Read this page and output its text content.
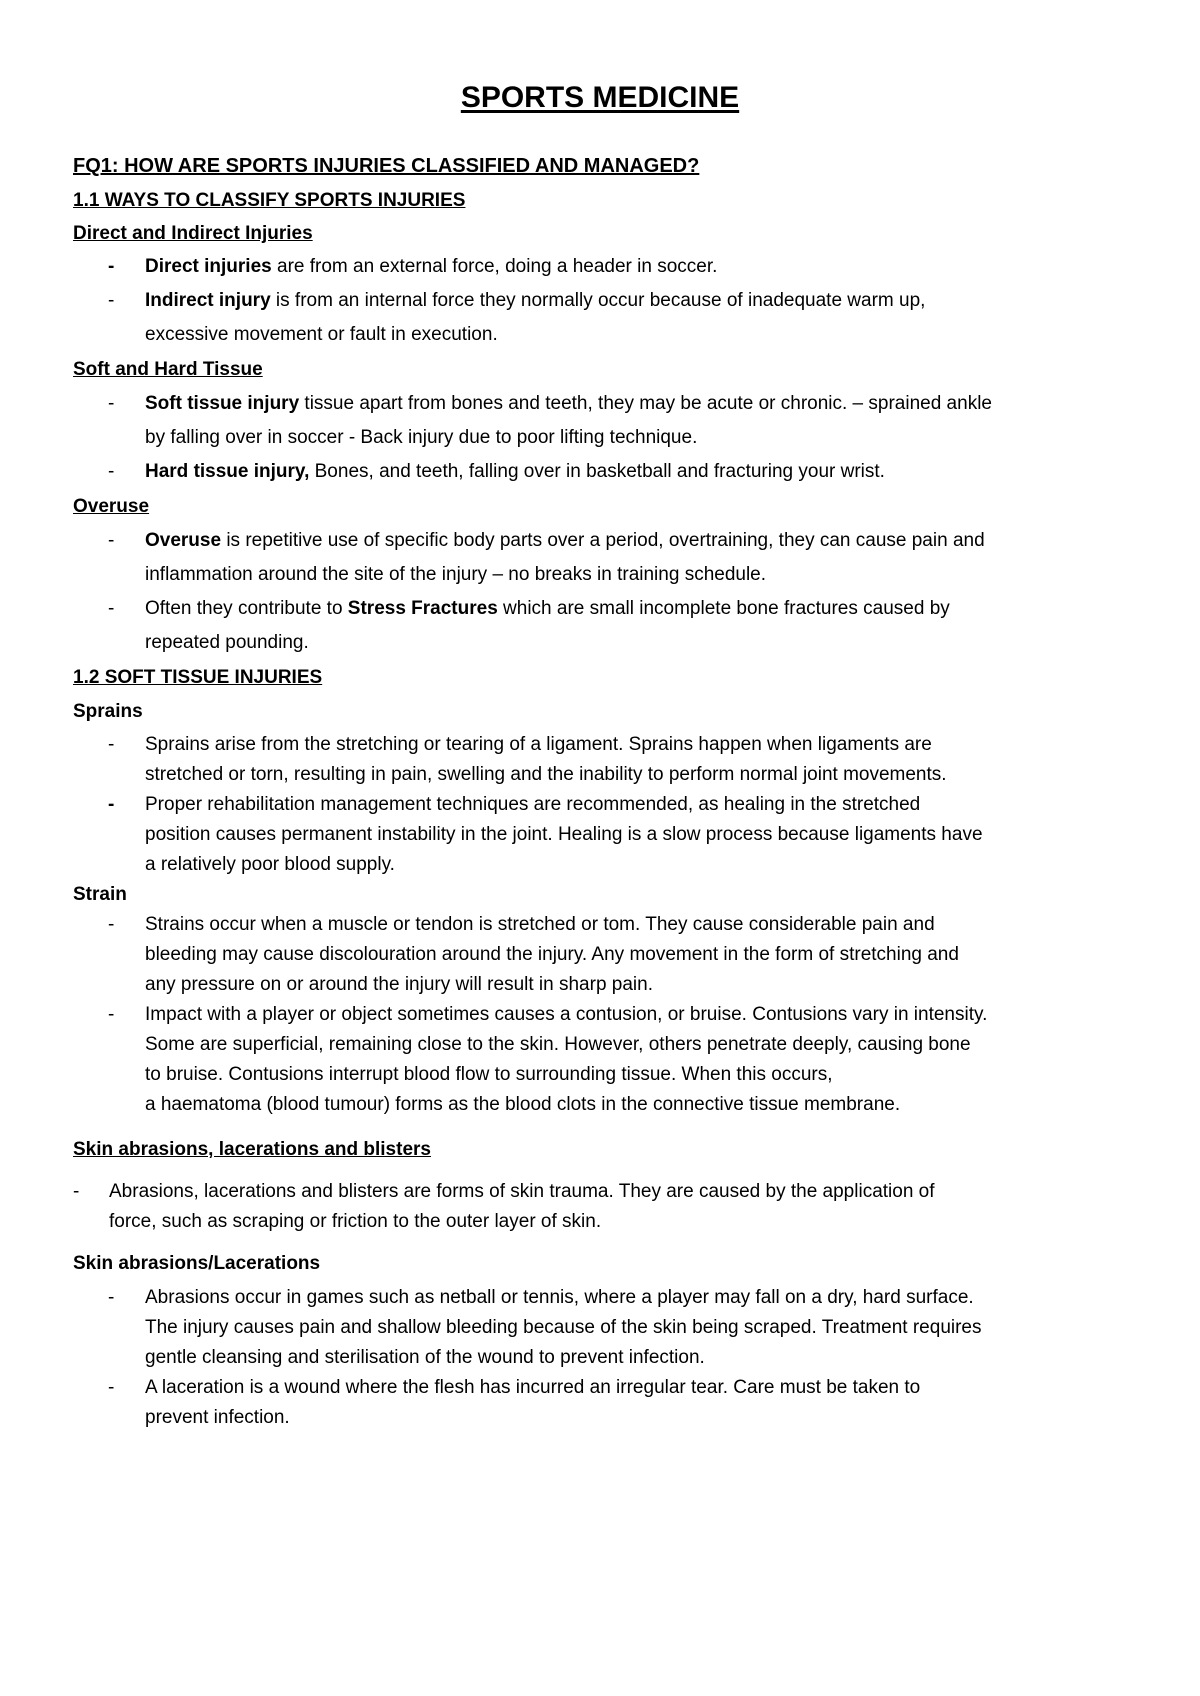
SPORTS MEDICINE
FQ1: HOW ARE SPORTS INJURIES CLASSIFIED AND MANAGED?
1.1 WAYS TO CLASSIFY SPORTS INJURIES
Direct and Indirect Injuries
- Direct injuries are from an external force, doing a header in soccer.
- Indirect injury is from an internal force they normally occur because of inadequate warm up,
excessive movement or fault in execution.
Soft and Hard Tissue
- Soft tissue injury tissue apart from bones and teeth, they may be acute or chronic. – sprained ankle
by falling over in soccer - Back injury due to poor lifting technique.
- Hard tissue injury, Bones, and teeth, falling over in basketball and fracturing your wrist.
Overuse
- Overuse is repetitive use of specific body parts over a period, overtraining, they can cause pain and
inflammation around the site of the injury – no breaks in training schedule.
- Often they contribute to Stress Fractures which are small incomplete bone fractures caused by
repeated pounding.
1.2 SOFT TISSUE INJURIES
Sprains
- Sprains arise from the stretching or tearing of a ligament. Sprains happen when ligaments are
stretched or torn, resulting in pain, swelling and the inability to perform normal joint movements.
- Proper rehabilitation management techniques are recommended, as healing in the stretched
position causes permanent instability in the joint. Healing is a slow process because ligaments have
a relatively poor blood supply.
Strain
- Strains occur when a muscle or tendon is stretched or tom. They cause considerable pain and
bleeding may cause discolouration around the injury. Any movement in the form of stretching and
any pressure on or around the injury will result in sharp pain.
- Impact with a player or object sometimes causes a contusion, or bruise. Contusions vary in intensity.
Some are superficial, remaining close to the skin. However, others penetrate deeply, causing bone
to bruise. Contusions interrupt blood flow to surrounding tissue. When this occurs,
a haematoma (blood tumour) forms as the blood clots in the connective tissue membrane.
Skin abrasions, lacerations and blisters
- Abrasions, lacerations and blisters are forms of skin trauma. They are caused by the application of
force, such as scraping or friction to the outer layer of skin.
Skin abrasions/Lacerations
- Abrasions occur in games such as netball or tennis, where a player may fall on a dry, hard surface.
The injury causes pain and shallow bleeding because of the skin being scraped. Treatment requires
gentle cleansing and sterilisation of the wound to prevent infection.
- A laceration is a wound where the flesh has incurred an irregular tear. Care must be taken to
prevent infection.
